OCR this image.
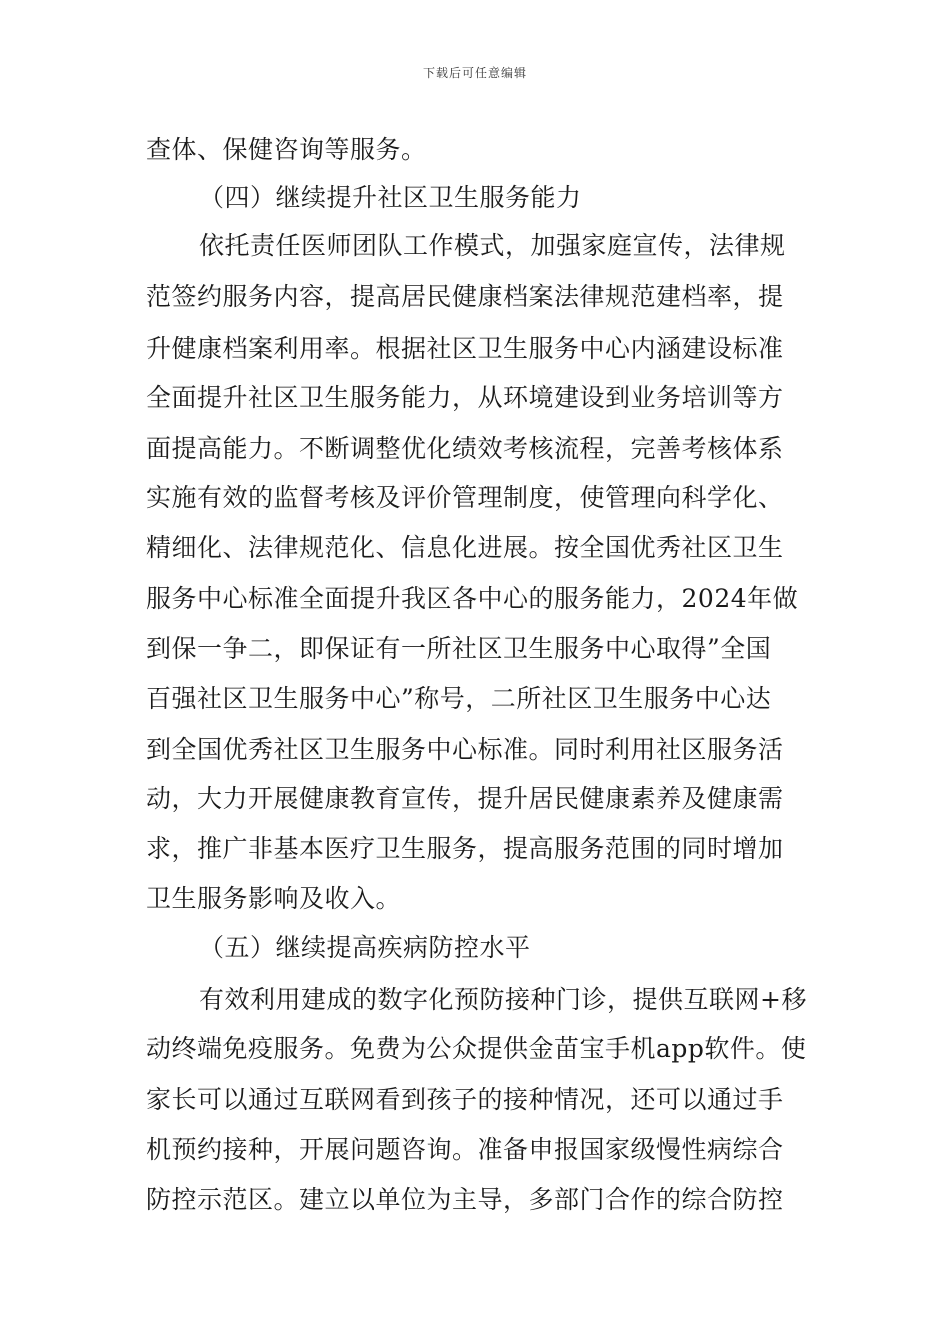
下载后可任意编辑
查体、保健咨询等服务。
（四）继续提升社区卫生服务能力
依托责任医师团队工作模式，加强家庭宣传，法律规
范签约服务内容，提高居民健康档案法律规范建档率，提
升健康档案利用率。根据社区卫生服务中心内涵建设标准
全面提升社区卫生服务能力，从环境建设到业务培训等方
面提高能力。不断调整优化绩效考核流程，完善考核体系
实施有效的监督考核及评价管理制度，使管理向科学化、
精细化、法律规范化、信息化进展。按全国优秀社区卫生
服务中心标准全面提升我区各中心的服务能力，2024年做
到保一争二，即保证有一所社区卫生服务中心取得”全国
百强社区卫生服务中心”称号，二所社区卫生服务中心达
到全国优秀社区卫生服务中心标准。同时利用社区服务活
动，大力开展健康教育宣传，提升居民健康素养及健康需
求，推广非基本医疗卫生服务，提高服务范围的同时增加
卫生服务影响及收入。
（五）继续提高疾病防控水平
有效利用建成的数字化预防接种门诊，提供互联网+移
动终端免疫服务。免费为公众提供金苗宝手机app软件。使
家长可以通过互联网看到孩子的接种情况，还可以通过手
机预约接种，开展问题咨询。准备申报国家级慢性病综合
防控示范区。建立以单位为主导，多部门合作的综合防控
